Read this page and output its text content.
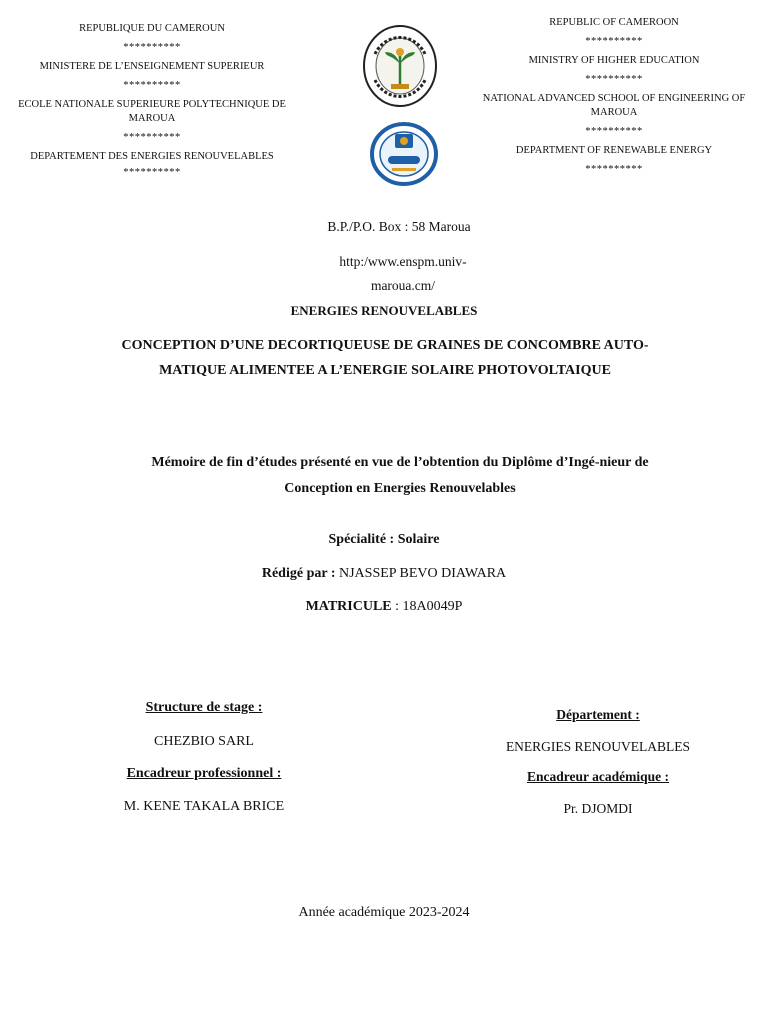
REPUBLIQUE DU CAMEROUN
**********
MINISTERE DE L’ENSEIGNEMENT SUPERIEUR
**********
ECOLE NATIONALE SUPERIEURE POLYTECHNIQUE DE MAROUA
**********
DEPARTEMENT DES ENERGIES RENOUVELABLES
**********
REPUBLIC OF CAMEROON
**********
MINISTRY OF HIGHER EDUCATION
**********
NATIONAL ADVANCED SCHOOL OF ENGINEERING OF MAROUA
**********
DEPARTMENT OF RENEWABLE ENERGY
**********
B.P./P.O. Box : 58 Maroua
http:/www.enspm.univ-maroua.cm/
ENERGIES RENOUVELABLES
CONCEPTION D’UNE DECORTIQUEUSE DE GRAINES DE CONCOMBRE AUTO-MATIQUE ALIMENTEE A L’ENERGIE SOLAIRE PHOTOVOLTAIQUE
Mémoire de fin d’études présenté en vue de l’obtention du Diplôme d’Ingé-nieur de Conception en Energies Renouvelables
Spécialité : Solaire
Rédigé par : NJASSEP BEVO DIAWARA
MATRICULE : 18A0049P
Structure de stage :
CHEZBIO SARL
Encadreur professionnel :
M. KENE TAKALA BRICE
Département :
ENERGIES RENOUVELABLES
Encadreur académique :
Pr. DJOMDI
Année académique 2023-2024
